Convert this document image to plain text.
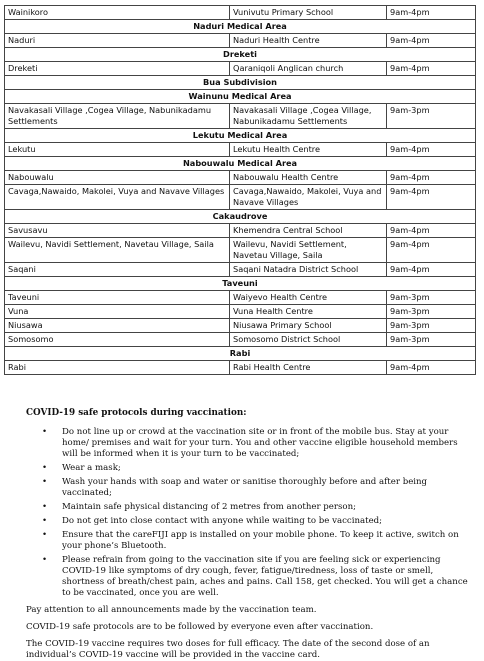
Wainikoro	Vunivutu Primary School	9am-4pm
Naduri Medical Area		
Naduri	Naduri Health Centre	9am-4pm
Dreketi		
Dreketi	Qaraniqoli Anglican church	9am-4pm
Bua Subdivision		
Wainunu Medical Area		
Navakasali Village ,Cogea Village, Nabunikadamu Settlements	Navakasali Village ,Cogea Village, Nabunikadamu Settlements	9am-3pm
Lekutu Medical Area		
Lekutu	Lekutu Health Centre	9am-4pm
Nabouwalu Medical Area		
Nabouwalu	Nabouwalu Health Centre	9am-4pm
Cavaga,Nawaido, Makolei, Vuya and Navave Villages	Cavaga,Nawaido, Makolei, Vuya and Navave Villages	9am-4pm
Cakaudrove		
Savusavu	Khemendra Central School	9am-4pm
Wailevu, Navidi Settlement, Navetau Village, Saila	Wailevu, Navidi Settlement, Navetau Village, Saila	9am-4pm
Saqani	Saqani Natadra District School	9am-4pm
Taveuni		
Taveuni	Waiyevo Health Centre	9am-3pm
Vuna	Vuna Health Centre	9am-3pm
Niusawa	Niusawa Primary School	9am-3pm
Somosomo	Somosomo District School	9am-3pm
Rabi		
Rabi	Rabi Health Centre	9am-4pm
COVID-19 safe protocols during vaccination:
• Do not line up or crowd at the vaccination site or in front of the mobile bus. Stay at your home/ premises and wait for your turn. You and other vaccine eligible household members will be informed when it is your turn to be vaccinated;
• Wear a mask;
• Wash your hands with soap and water or sanitise thoroughly before and after being vaccinated;
• Maintain safe physical distancing of 2 metres from another person;
• Do not get into close contact with anyone while waiting to be vaccinated;
• Ensure that the careFIJI app is installed on your mobile phone. To keep it active, switch on your phone’s Bluetooth.
• Please refrain from going to the vaccination site if you are feeling sick or experiencing COVID-19 like symptoms of dry cough, fever, fatigue/tiredness, loss of taste or smell, shortness of breath/chest pain, aches and pains. Call 158, get checked. You will get a chance to be vaccinated, once you are well.

Pay attention to all announcements made by the vaccination team.

COVID-19 safe protocols are to be followed by everyone even after vaccination.

The COVID-19 vaccine requires two doses for full efficacy. The date of the second dose of an individual’s COVID-19 vaccine will be provided in the vaccine card.
